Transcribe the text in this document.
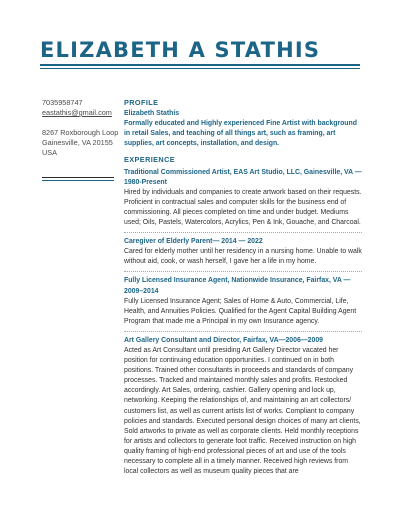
ELIZABETH A STATHIS
7035958747
eastathis@gmail.com
8267 Roxborough Loop
Gainesville, VA 20155
USA
PROFILE
Elizabeth Stathis
Formally educated and Highly experienced Fine Artist with background in retail Sales, and teaching of all things art, such as framing, art supplies, art concepts, installation, and design.
EXPERIENCE
Traditional Commissioned Artist, EAS Art Studio, LLC, Gainesville, VA — 1980-Present
Hired by individuals and companies to create artwork based on their requests. Proficient in contractual sales and computer skills for the business end of commissioning. All pieces completed on time and under budget. Mediums used; Oils, Pastels, Watercolors, Acrylics, Pen & Ink, Gouache, and Charcoal.
Caregiver of Elderly Parent— 2014 — 2022
Cared for elderly mother until her residency in a nursing home. Unable to walk without aid, cook, or wash herself, I gave her a life in my home.
Fully Licensed Insurance Agent, Nationwide Insurance, Fairfax, VA — 2009–2014
Fully Licensed Insurance Agent; Sales of Home & Auto, Commercial, Life, Health, and Annuities Policies. Qualified for the Agent Capital Building Agent Program that made me a Principal in my own Insurance agency.
Art Gallery Consultant and Director, Fairfax, VA—2006—2009
Acted as Art Consultant until presiding Art Gallery Director vacated her position for continuing education opportunities. I continued on in both positions. Trained other consultants in proceeds and standards of company processes. Tracked and maintained monthly sales and profits. Restocked accordingly. Art Sales, ordering, cashier. Gallery opening and lock up, networking. Keeping the relationships of, and maintaining an art collectors/ customers list, as well as current artists list of works. Compliant to company policies and standards. Executed personal design choices of many art clients, Sold artworks to private as well as corporate clients. Held monthly receptions for artists and collectors to generate foot traffic. Received instruction on high quality framing of high-end professional pieces of art and use of the tools necessary to complete all in a timely manner. Received high reviews from local collectors as well as museum quality pieces that are
